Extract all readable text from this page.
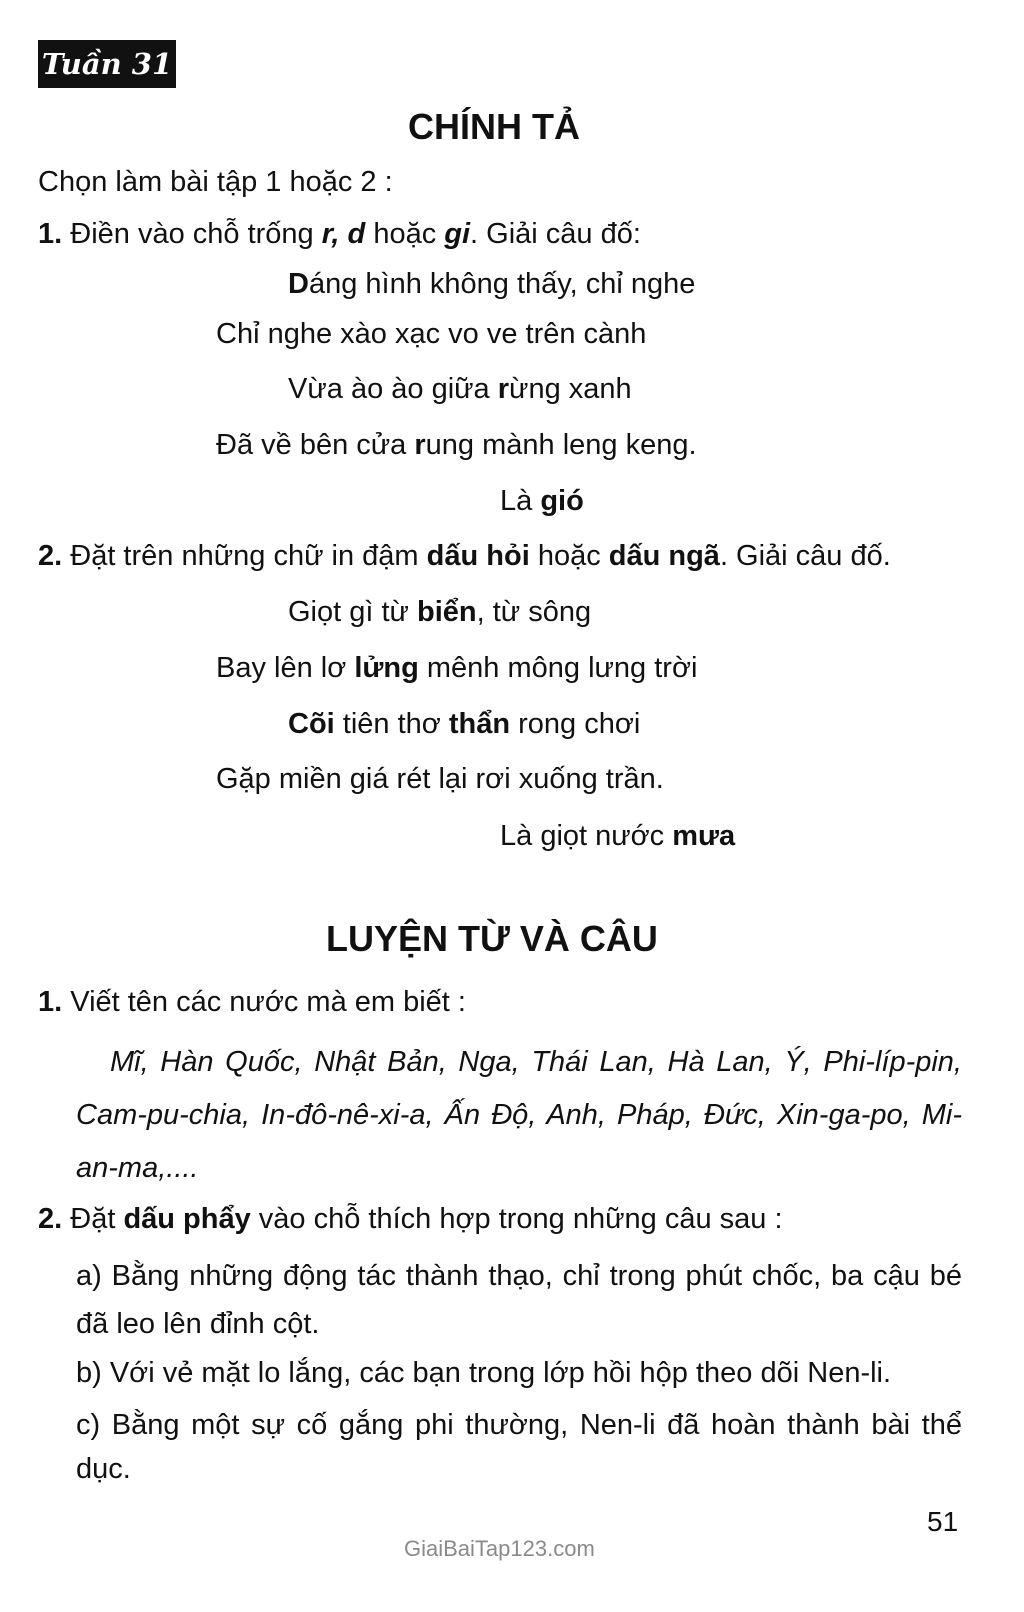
Tuần 31
CHÍNH TẢ
Chọn làm bài tập 1 hoặc 2 :
1. Điền vào chỗ trống r, d hoặc gi. Giải câu đố:
Dáng hình không thấy, chỉ nghe
Chỉ nghe xào xạc vo ve trên cành
Vừa ào ào giữa rừng xanh
Đã về bên cửa rung mành leng keng.
Là gió
2. Đặt trên những chữ in đậm dấu hỏi hoặc dấu ngã. Giải câu đố.
Giọt gì từ biển, từ sông
Bay lên lơ lửng mênh mông lưng trời
Cõi tiên thơ thẩn rong chơi
Gặp miền giá rét lại rơi xuống trần.
Là giọt nước mưa
LUYỆN TỪ VÀ CÂU
1. Viết tên các nước mà em biết :
Mĩ, Hàn Quốc, Nhật Bản, Nga, Thái Lan, Hà Lan, Ý, Phi-líp-pin, Cam-pu-chia, In-đô-nê-xi-a, Ấn Độ, Anh, Pháp, Đức, Xin-ga-po, Mi-an-ma,....
2. Đặt dấu phẩy vào chỗ thích hợp trong những câu sau :
a) Bằng những động tác thành thạo, chỉ trong phút chốc, ba cậu bé đã leo lên đỉnh cột.
b) Với vẻ mặt lo lắng, các bạn trong lớp hồi hộp theo dõi Nen-li.
c) Bằng một sự cố gắng phi thường, Nen-li đã hoàn thành bài thể dục.
51
GiaiBaiTap123.com
